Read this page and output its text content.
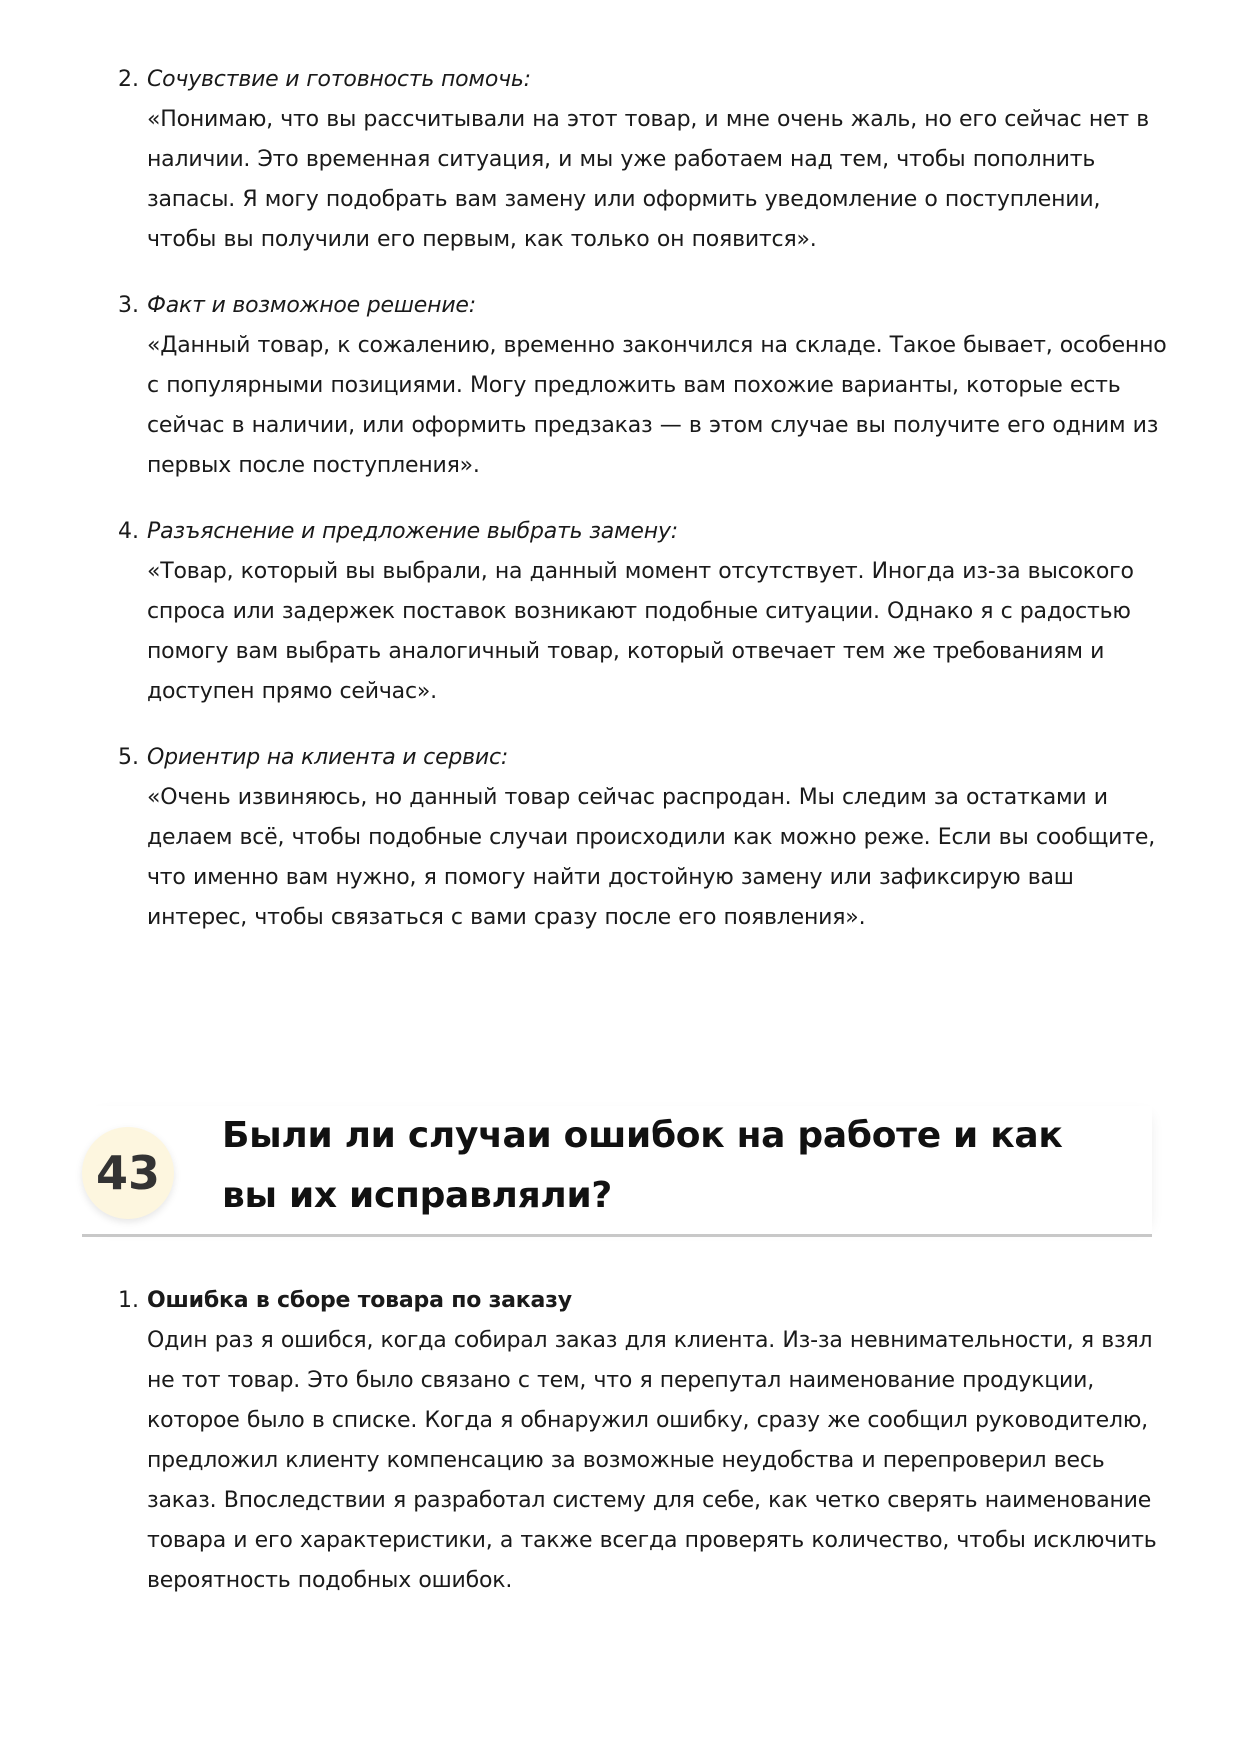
2. Сочувствие и готовность помочь:
«Понимаю, что вы рассчитывали на этот товар, и мне очень жаль, но его сейчас нет в наличии. Это временная ситуация, и мы уже работаем над тем, чтобы пополнить запасы. Я могу подобрать вам замену или оформить уведомление о поступлении, чтобы вы получили его первым, как только он появится».
3. Факт и возможное решение:
«Данный товар, к сожалению, временно закончился на складе. Такое бывает, особенно с популярными позициями. Могу предложить вам похожие варианты, которые есть сейчас в наличии, или оформить предзаказ — в этом случае вы получите его одним из первых после поступления».
4. Разъяснение и предложение выбрать замену:
«Товар, который вы выбрали, на данный момент отсутствует. Иногда из-за высокого спроса или задержек поставок возникают подобные ситуации. Однако я с радостью помогу вам выбрать аналогичный товар, который отвечает тем же требованиям и доступен прямо сейчас».
5. Ориентир на клиента и сервис:
«Очень извиняюсь, но данный товар сейчас распродан. Мы следим за остатками и делаем всё, чтобы подобные случаи происходили как можно реже. Если вы сообщите, что именно вам нужно, я помогу найти достойную замену или зафиксирую ваш интерес, чтобы связаться с вами сразу после его появления».
43
Были ли случаи ошибок на работе и как вы их исправляли?
1. Ошибка в сборе товара по заказу
Один раз я ошибся, когда собирал заказ для клиента. Из-за невнимательности, я взял не тот товар. Это было связано с тем, что я перепутал наименование продукции, которое было в списке. Когда я обнаружил ошибку, сразу же сообщил руководителю, предложил клиенту компенсацию за возможные неудобства и перепроверил весь заказ. Впоследствии я разработал систему для себе, как четко сверять наименование товара и его характеристики, а также всегда проверять количество, чтобы исключить вероятность подобных ошибок.
